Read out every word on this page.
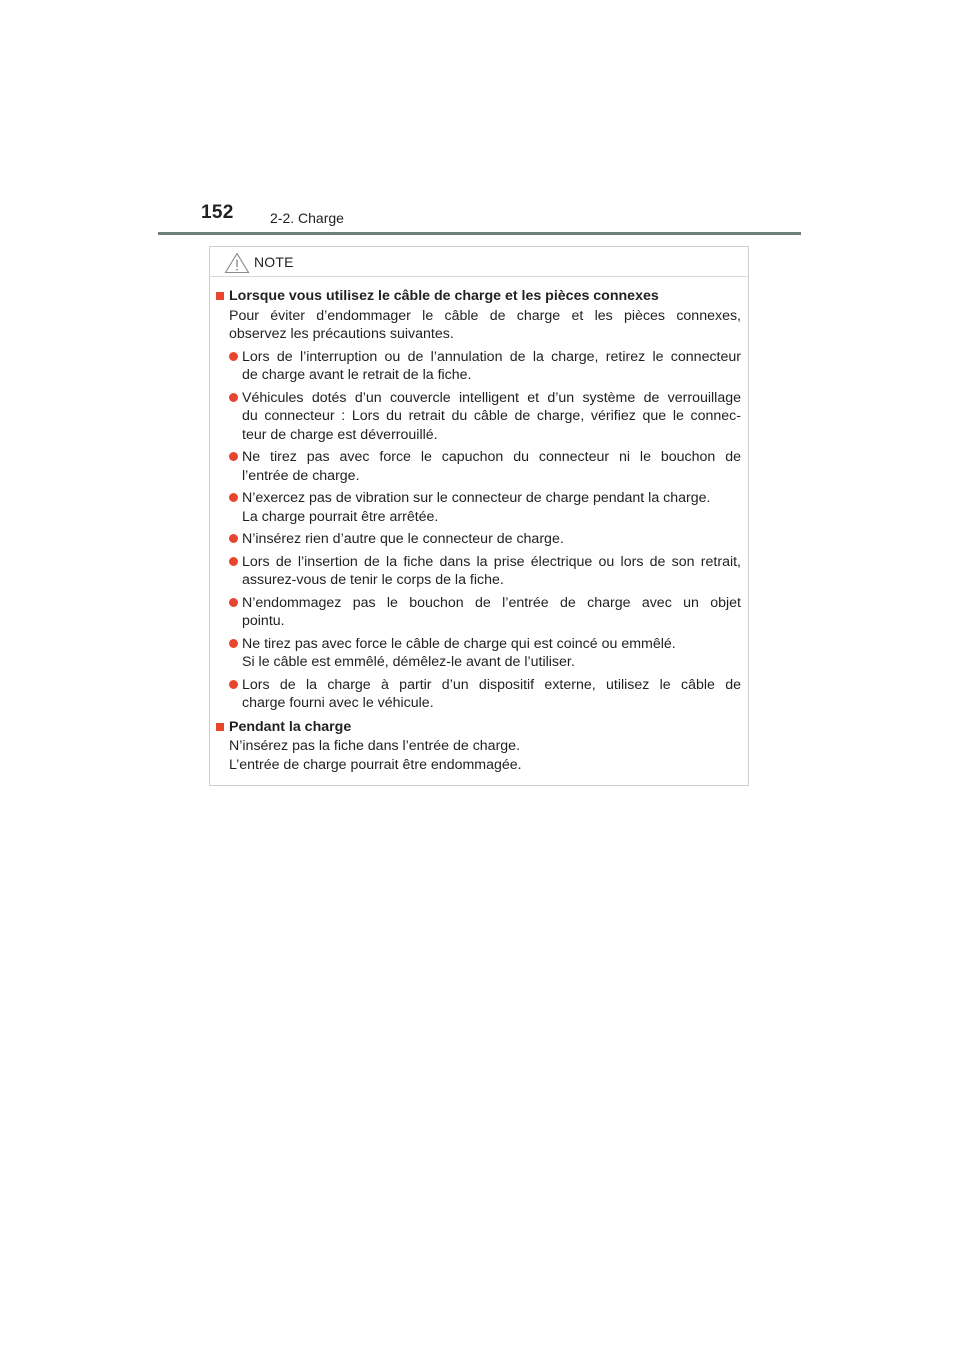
152	2-2. Charge
NOTE

Lorsque vous utilisez le câble de charge et les pièces connexes

Pour éviter d’endommager le câble de charge et les pièces connexes,
observez les précautions suivantes.

Lors de l’interruption ou de l’annulation de la charge, retirez le connecteur
de charge avant le retrait de la fiche.

Véhicules dotés d’un couvercle intelligent et d’un système de verrouillage
du connecteur : Lors du retrait du câble de charge, vérifiez que le connec-
teur de charge est déverrouillé.

Ne tirez pas avec force le capuchon du connecteur ni le bouchon de
l’entrée de charge.

N’exercez pas de vibration sur le connecteur de charge pendant la charge.
La charge pourrait être arrêtée.

N’insérez rien d’autre que le connecteur de charge.

Lors de l’insertion de la fiche dans la prise électrique ou lors de son retrait,
assurez-vous de tenir le corps de la fiche.

N’endommagez pas le bouchon de l’entrée de charge avec un objet
pointu.

Ne tirez pas avec force le câble de charge qui est coincé ou emmêlé.
Si le câble est emmêlé, démêlez-le avant de l’utiliser.

Lors de la charge à partir d’un dispositif externe, utilisez le câble de
charge fourni avec le véhicule.

Pendant la charge

N’insérez pas la fiche dans l’entrée de charge.
L’entrée de charge pourrait être endommagée.
